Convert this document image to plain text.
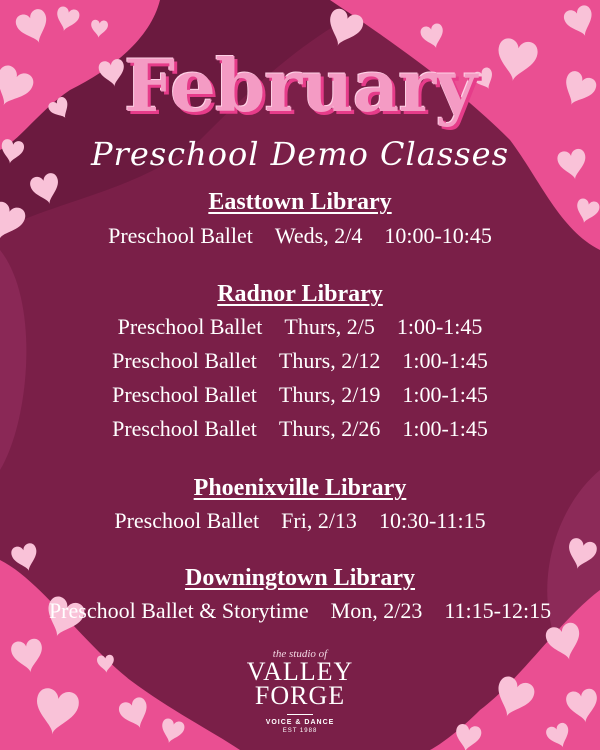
February
Preschool Demo Classes
Easttown Library
Preschool Ballet Weds, 2/4 10:00-10:45
Radnor Library
Preschool Ballet Thurs, 2/5 1:00-1:45
Preschool Ballet Thurs, 2/12 1:00-1:45
Preschool Ballet Thurs, 2/19 1:00-1:45
Preschool Ballet Thurs, 2/26 1:00-1:45
Phoenixville Library
Preschool Ballet Fri, 2/13 10:30-11:15
Downingtown Library
Preschool Ballet & Storytime Mon, 2/23 11:15-12:15
the studio of
VALLEY
FORGE
VOICE & DANCE
EST 1988
